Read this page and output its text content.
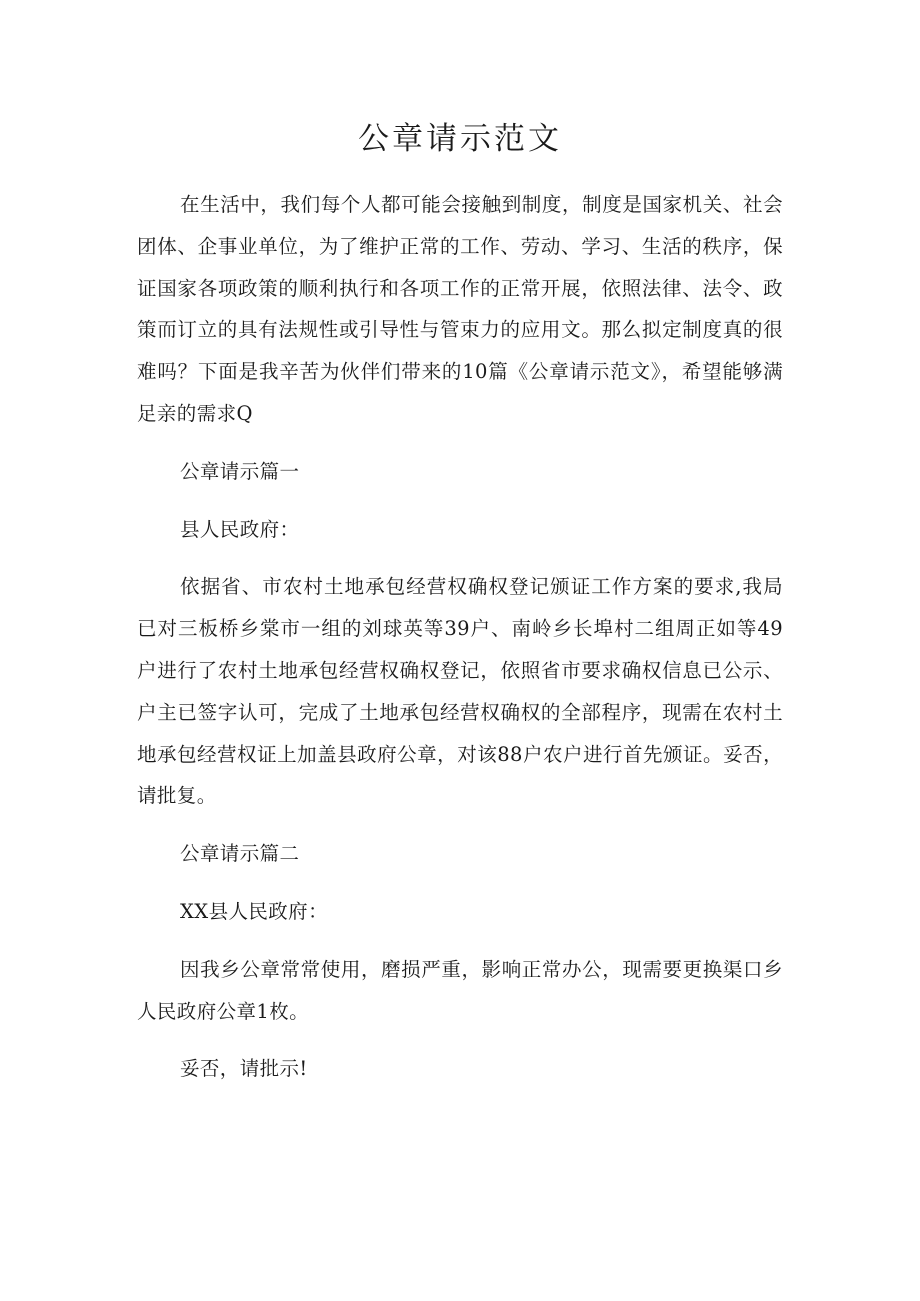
公章请示范文

在生活中，我们每个人都可能会接触到制度，制度是国家机关、社会团体、企事业单位，为了维护正常的工作、劳动、学习、生活的秩序，保证国家各项政策的顺利执行和各项工作的正常开展，依照法律、法令、政策而订立的具有法规性或引导性与管束力的应用文。那么拟定制度真的很难吗？下面是我辛苦为伙伴们带来的10篇《公章请示范文》，希望能够满足亲的需求Q

公章请示篇一

县人民政府：

依据省、市农村土地承包经营权确权登记颁证工作方案的要求,我局已对三板桥乡棠市一组的刘球英等39户、南岭乡长埠村二组周正如等49户进行了农村土地承包经营权确权登记，依照省市要求确权信息已公示、户主已签字认可，完成了土地承包经营权确权的全部程序，现需在农村土地承包经营权证上加盖县政府公章，对该88户农户进行首先颁证。妥否，请批复。

公章请示篇二

XX县人民政府：

因我乡公章常常使用，磨损严重，影响正常办公，现需要更换渠口乡人民政府公章1枚。

妥否，请批示!
